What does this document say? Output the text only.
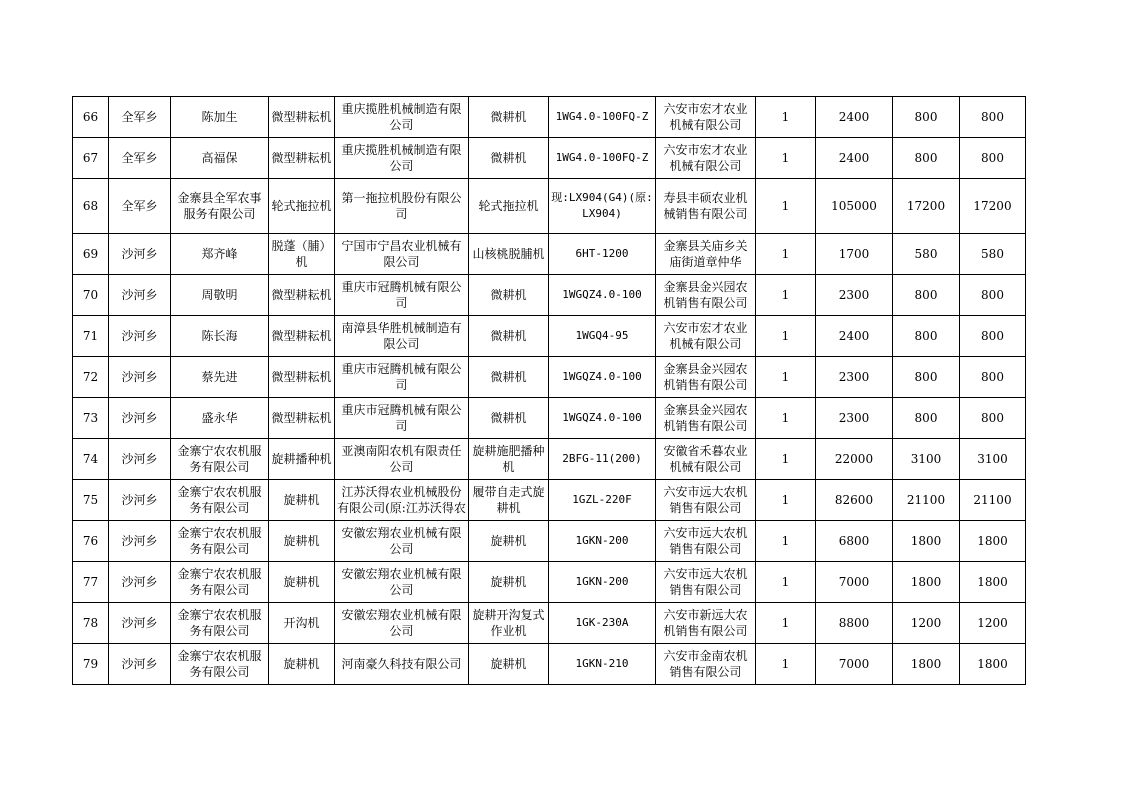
66	全军乡	陈加生	微型耕耘机	重庆揽胜机械制造有限公司	微耕机	1WG4.0-100FQ-Z	六安市宏才农业机械有限公司	1	2400	800	800
67	全军乡	高福保	微型耕耘机	重庆揽胜机械制造有限公司	微耕机	1WG4.0-100FQ-Z	六安市宏才农业机械有限公司	1	2400	800	800
68	全军乡	金寨县全军农事服务有限公司	轮式拖拉机	第一拖拉机股份有限公司	轮式拖拉机	现:LX904(G4)(原:LX904)	寿县丰硕农业机械销售有限公司	1	105000	17200	17200
69	沙河乡	郑齐峰	脱蓬（脯）机	宁国市宁昌农业机械有限公司	山核桃脱脯机	6HT-1200	金寨县关庙乡关庙街道章仲华	1	1700	580	580
70	沙河乡	周敬明	微型耕耘机	重庆市冠腾机械有限公司	微耕机	1WGQZ4.0-100	金寨县金兴园农机销售有限公司	1	2300	800	800
71	沙河乡	陈长海	微型耕耘机	南漳县华胜机械制造有限公司	微耕机	1WGQ4-95	六安市宏才农业机械有限公司	1	2400	800	800
72	沙河乡	蔡先进	微型耕耘机	重庆市冠腾机械有限公司	微耕机	1WGQZ4.0-100	金寨县金兴园农机销售有限公司	1	2300	800	800
73	沙河乡	盛永华	微型耕耘机	重庆市冠腾机械有限公司	微耕机	1WGQZ4.0-100	金寨县金兴园农机销售有限公司	1	2300	800	800
74	沙河乡	金寨宁农农机服务有限公司	旋耕播种机	亚澳南阳农机有限责任公司	旋耕施肥播种机	2BFG-11(200)	安徽省禾暮农业机械有限公司	1	22000	3100	3100
75	沙河乡	金寨宁农农机服务有限公司	旋耕机	江苏沃得农业机械股份有限公司(原:江苏沃得农	履带自走式旋耕机	1GZL-220F	六安市远大农机销售有限公司	1	82600	21100	21100
76	沙河乡	金寨宁农农机服务有限公司	旋耕机	安徽宏翔农业机械有限公司	旋耕机	1GKN-200	六安市远大农机销售有限公司	1	6800	1800	1800
77	沙河乡	金寨宁农农机服务有限公司	旋耕机	安徽宏翔农业机械有限公司	旋耕机	1GKN-200	六安市远大农机销售有限公司	1	7000	1800	1800
78	沙河乡	金寨宁农农机服务有限公司	开沟机	安徽宏翔农业机械有限公司	旋耕开沟复式作业机	1GK-230A	六安市新远大农机销售有限公司	1	8800	1200	1200
79	沙河乡	金寨宁农农机服务有限公司	旋耕机	河南豪久科技有限公司	旋耕机	1GKN-210	六安市金南农机销售有限公司	1	7000	1800	1800
